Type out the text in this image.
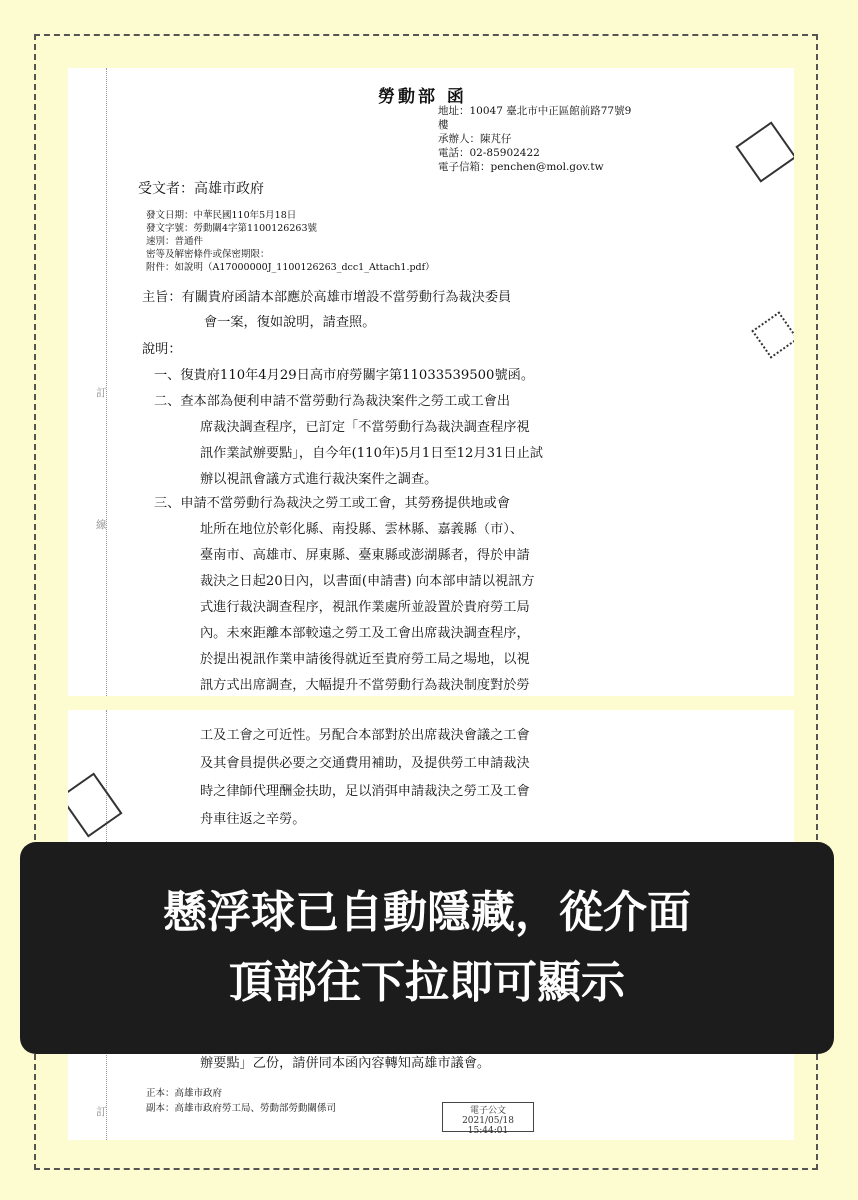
訂
線
勞動部 函
地址：10047 臺北市中正區館前路77號9
樓
承辦人：陳芃仔
電話：02-85902422
電子信箱：penchen@mol.gov.tw
受文者：高雄市政府
發文日期：中華民國110年5月18日
發文字號：勞動關4字第1100126263號
速別：普通件
密等及解密條件或保密期限：
附件：如說明（A17000000J_1100126263_dcc1_Attach1.pdf）
主旨：有關貴府函請本部應於高雄市增設不當勞動行為裁決委員
會一案，復如說明，請查照。
說明：
一、復貴府110年4月29日高市府勞關字第11033539500號函。
二、查本部為便利申請不當勞動行為裁決案件之勞工或工會出
席裁決調查程序，已訂定「不當勞動行為裁決調查程序視
訊作業試辦要點」，自今年(110年)5月1日至12月31日止試
辦以視訊會議方式進行裁決案件之調查。
三、申請不當勞動行為裁決之勞工或工會，其勞務提供地或會
址所在地位於彰化縣、南投縣、雲林縣、嘉義縣（市）、
臺南市、高雄市、屏東縣、臺東縣或澎湖縣者，得於申請
裁決之日起20日內，以書面(申請書) 向本部申請以視訊方
式進行裁決調查程序，視訊作業處所並設置於貴府勞工局
內。未來距離本部較遠之勞工及工會出席裁決調查程序，
於提出視訊作業申請後得就近至貴府勞工局之場地，以視
訊方式出席調查，大幅提升不當勞動行為裁決制度對於勞
訂
工及工會之可近性。另配合本部對於出席裁決會議之工會
及其會員提供必要之交通費用補助，及提供勞工申請裁決
時之律師代理酬金扶助，足以消弭申請裁決之勞工及工會
舟車往返之辛勞。
辦要點」乙份，請併同本函內容轉知高雄市議會。
正本：高雄市政府
副本：高雄市政府勞工局、勞動部勞動關係司	電子公文 2021/05/18
15:44:01
懸浮球已自動隱藏，從介面
頂部往下拉即可顯示
